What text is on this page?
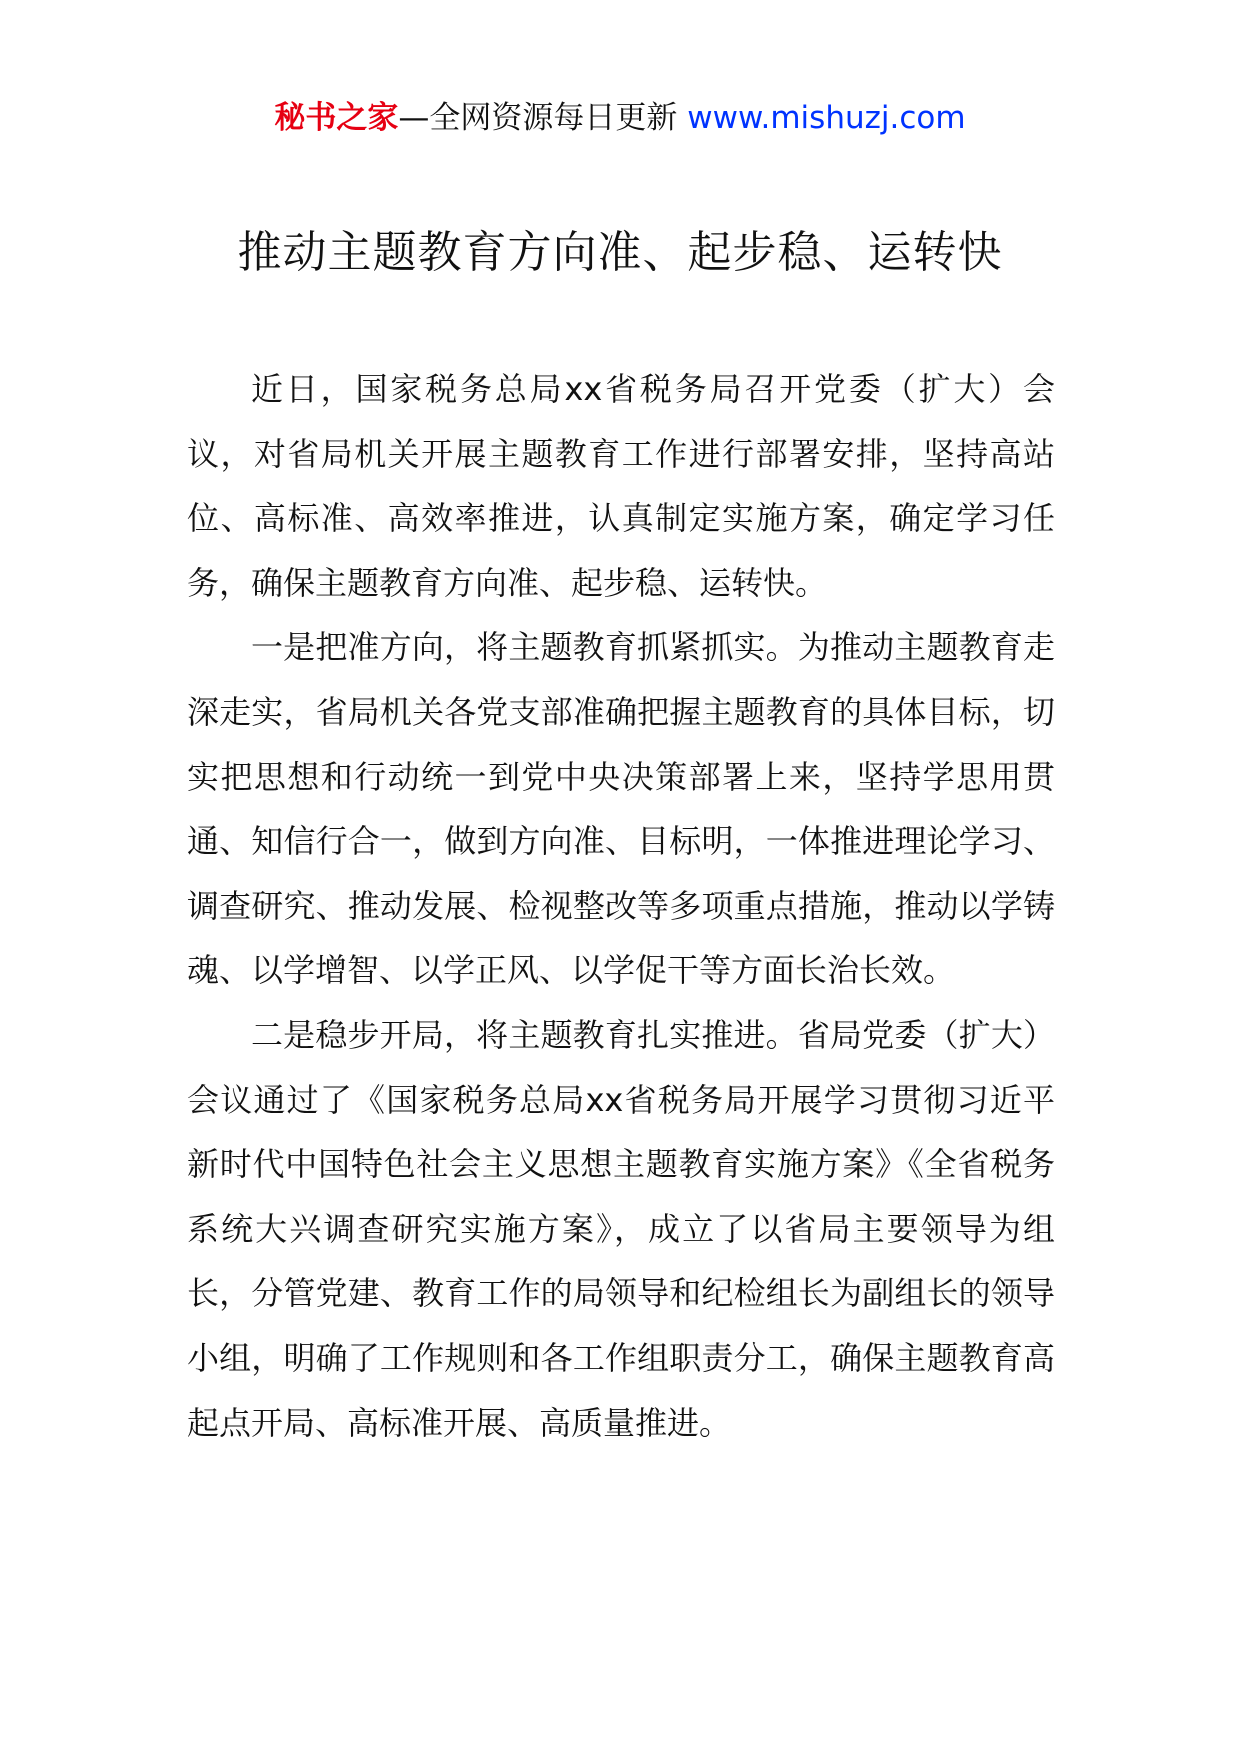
秘书之家—全网资源每日更新 www.mishuzj.com
推动主题教育方向准、起步稳、运转快

近日，国家税务总局xx省税务局召开党委（扩大）会议，对省局机关开展主题教育工作进行部署安排，坚持高站位、高标准、高效率推进，认真制定实施方案，确定学习任务，确保主题教育方向准、起步稳、运转快。

一是把准方向，将主题教育抓紧抓实。为推动主题教育走深走实，省局机关各党支部准确把握主题教育的具体目标，切实把思想和行动统一到党中央决策部署上来，坚持学思用贯通、知信行合一，做到方向准、目标明，一体推进理论学习、调查研究、推动发展、检视整改等多项重点措施，推动以学铸魂、以学增智、以学正风、以学促干等方面长治长效。

二是稳步开局，将主题教育扎实推进。省局党委（扩大）会议通过了《国家税务总局xx省税务局开展学习贯彻习近平新时代中国特色社会主义思想主题教育实施方案》《全省税务系统大兴调查研究实施方案》，成立了以省局主要领导为组长，分管党建、教育工作的局领导和纪检组长为副组长的领导小组，明确了工作规则和各工作组职责分工，确保主题教育高起点开局、高标准开展、高质量推进。
